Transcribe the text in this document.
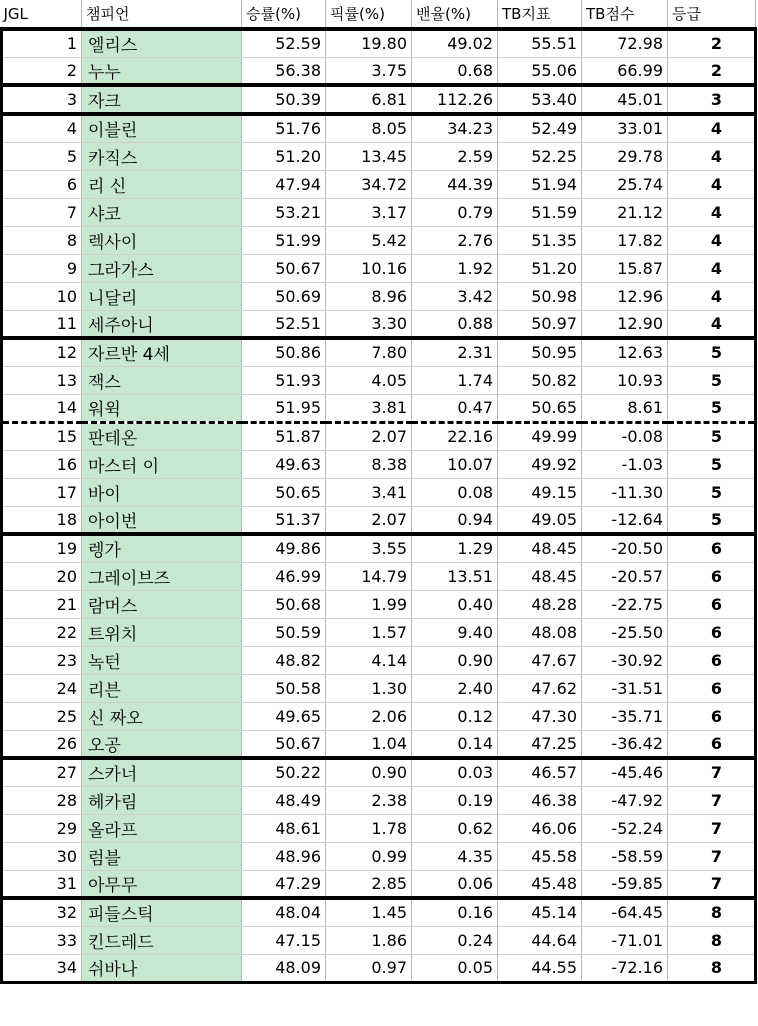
JGL	챔피언	승률(%)	픽률(%)	밴율(%)	TB지표	TB점수	등급
1	엘리스	52.59	19.80	49.02	55.51	72.98	2
2	누누	56.38	3.75	0.68	55.06	66.99	2
3	자크	50.39	6.81	112.26	53.40	45.01	3
4	이블린	51.76	8.05	34.23	52.49	33.01	4
5	카직스	51.20	13.45	2.59	52.25	29.78	4
6	리 신	47.94	34.72	44.39	51.94	25.74	4
7	샤코	53.21	3.17	0.79	51.59	21.12	4
8	렉사이	51.99	5.42	2.76	51.35	17.82	4
9	그라가스	50.67	10.16	1.92	51.20	15.87	4
10	니달리	50.69	8.96	3.42	50.98	12.96	4
11	세주아니	52.51	3.30	0.88	50.97	12.90	4
12	자르반 4세	50.86	7.80	2.31	50.95	12.63	5
13	잭스	51.93	4.05	1.74	50.82	10.93	5
14	워윅	51.95	3.81	0.47	50.65	8.61	5
15	판테온	51.87	2.07	22.16	49.99	-0.08	5
16	마스터 이	49.63	8.38	10.07	49.92	-1.03	5
17	바이	50.65	3.41	0.08	49.15	-11.30	5
18	아이번	51.37	2.07	0.94	49.05	-12.64	5
19	렝가	49.86	3.55	1.29	48.45	-20.50	6
20	그레이브즈	46.99	14.79	13.51	48.45	-20.57	6
21	람머스	50.68	1.99	0.40	48.28	-22.75	6
22	트위치	50.59	1.57	9.40	48.08	-25.50	6
23	녹턴	48.82	4.14	0.90	47.67	-30.92	6
24	리븐	50.58	1.30	2.40	47.62	-31.51	6
25	신 짜오	49.65	2.06	0.12	47.30	-35.71	6
26	오공	50.67	1.04	0.14	47.25	-36.42	6
27	스카너	50.22	0.90	0.03	46.57	-45.46	7
28	헤카림	48.49	2.38	0.19	46.38	-47.92	7
29	올라프	48.61	1.78	0.62	46.06	-52.24	7
30	럼블	48.96	0.99	4.35	45.58	-58.59	7
31	아무무	47.29	2.85	0.06	45.48	-59.85	7
32	피들스틱	48.04	1.45	0.16	45.14	-64.45	8
33	킨드레드	47.15	1.86	0.24	44.64	-71.01	8
34	쉬바나	48.09	0.97	0.05	44.55	-72.16	8
